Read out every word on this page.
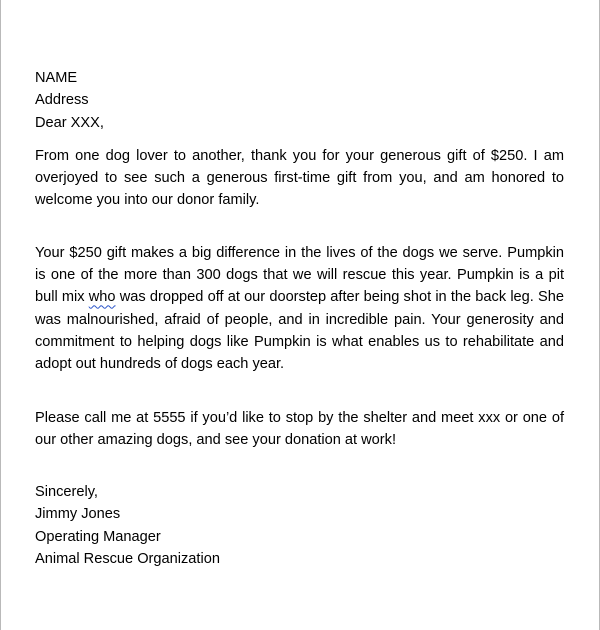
NAME
Address
Dear XXX,
From one dog lover to another, thank you for your generous gift of $250. I am overjoyed to see such a generous first-time gift from you, and am honored to welcome you into our donor family.
Your $250 gift makes a big difference in the lives of the dogs we serve. Pumpkin is one of the more than 300 dogs that we will rescue this year. Pumpkin is a pit bull mix who was dropped off at our doorstep after being shot in the back leg. She was malnourished, afraid of people, and in incredible pain. Your generosity and commitment to helping dogs like Pumpkin is what enables us to rehabilitate and adopt out hundreds of dogs each year.
Please call me at 5555 if you’d like to stop by the shelter and meet xxx or one of our other amazing dogs, and see your donation at work!
Sincerely,
Jimmy Jones
Operating Manager
Animal Rescue Organization
